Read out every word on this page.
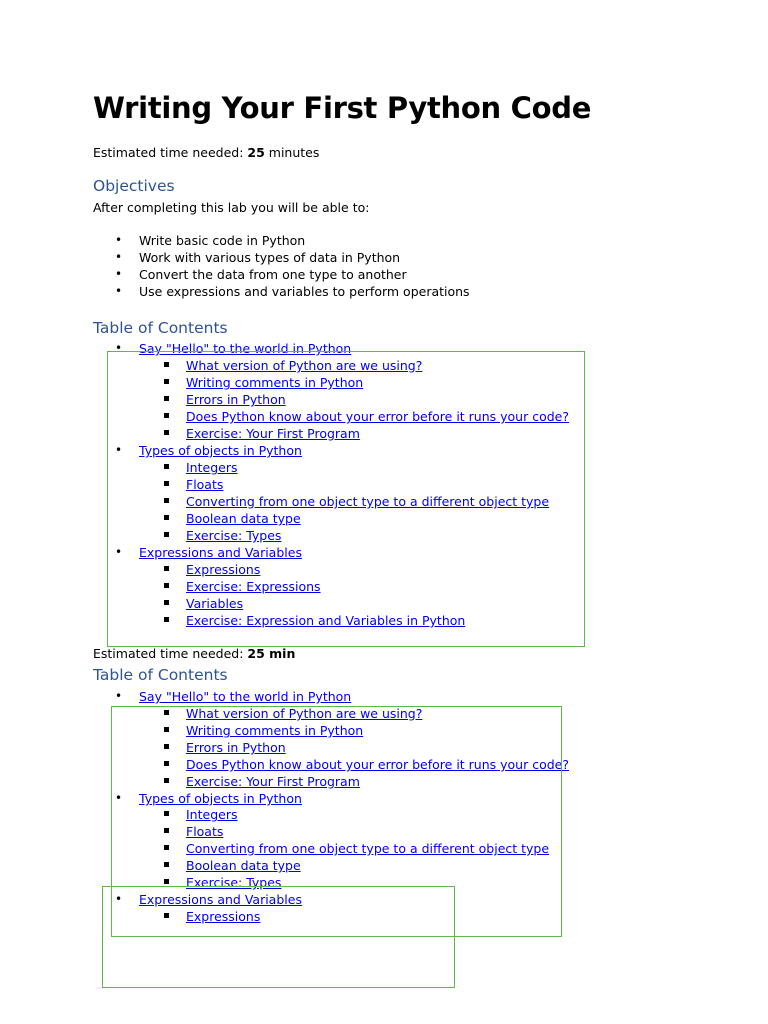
Writing Your First Python Code
Estimated time needed: 25 minutes
Objectives
After completing this lab you will be able to:
• Write basic code in Python
• Work with various types of data in Python
• Convert the data from one type to another
• Use expressions and variables to perform operations
Table of Contents
• Say "Hello" to the world in Python
What version of Python are we using?
Writing comments in Python
Errors in Python
Does Python know about your error before it runs your code?
Exercise: Your First Program
• Types of objects in Python
Integers
Floats
Converting from one object type to a different object type
Boolean data type
Exercise: Types
• Expressions and Variables
Expressions
Exercise: Expressions
Variables
Exercise: Expression and Variables in Python
Estimated time needed: 25 min
Table of Contents
• Say "Hello" to the world in Python
What version of Python are we using?
Writing comments in Python
Errors in Python
Does Python know about your error before it runs your code?
Exercise: Your First Program
• Types of objects in Python
Integers
Floats
Converting from one object type to a different object type
Boolean data type
Exercise: Types
• Expressions and Variables
Expressions
